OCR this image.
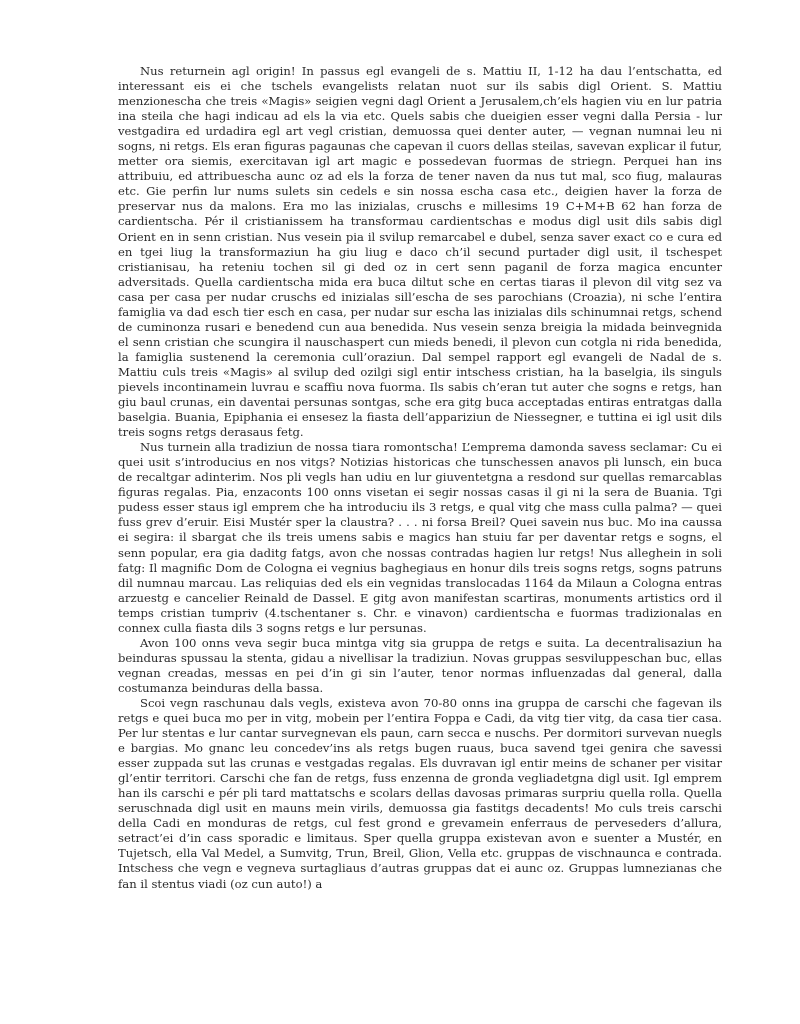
Nus returnein agl origin! In passus egl evangeli de s. Mattiu II, 1-12 ha dau l’entschatta, ed interessant eis ei che tschels evangelists relatan nuot sur ils sabis digl Orient. S. Mattiu menzionescha che treis «Magis» seigien vegni dagl Orient a Jerusalem,ch’els hagien viu en lur patria ina steila che hagi indicau ad els la via etc. Quels sabis che dueigien esser vegni dalla Persia - lur vestgadira ed urdadira egl art vegl cristian, demuossa quei denter auter, — vegnan numnai leu ni sogns, ni retgs. Els eran figuras pagaunas che capevan il cuors dellas steilas, savevan explicar il futur, metter ora siemis, exercitavan igl art magic e possedevan fuormas de striegn. Perquei han ins attribuiu, ed attribuescha aunc oz ad els la forza de tener naven da nus tut mal, sco fiug, malauras etc. Gie perfin lur nums sulets sin cedels e sin nossa escha casa etc., deigien haver la forza de preservar nus da malons. Era mo las inizialas, cruschs e millesims 19 C+M+B 62 han forza de cardientscha. Pér il cristianissem ha transformau cardientschas e modus digl usit dils sabis digl Orient en in senn cristian. Nus vesein pia il svilup remarcabel e dubel, senza saver exact co e cura ed en tgei liug la transformaziun ha giu liug e daco ch’il secund purtader digl usit, il tschespet cristianisau, ha reteniu tochen sil gi ded oz in cert senn paganil de forza magica encunter adversitads. Quella cardientscha mida era buca diltut sche en certas tiaras il plevon dil vitg sez va casa per casa per nudar cruschs ed inizialas sill’escha de ses parochians (Croazia), ni sche l’entira famiglia va dad esch tier esch en casa, per nudar sur escha las inizialas dils schinumnai retgs, schend de cuminonza rusari e benedend cun aua benedida. Nus vesein senza breigia la midada beinvegnida el senn cristian che scungira il nauschaspert cun mieds benedi, il plevon cun cotgla ni rida benedida, la famiglia sustenend la ceremonia cull’oraziun. Dal sempel rapport egl evangeli de Nadal de s. Mattiu culs treis «Magis» al svilup ded ozilgi sigl entir intschess cristian, ha la baselgia, ils singuls pievels incontinamein luvrau e scaffiu nova fuorma. Ils sabis ch’eran tut auter che sogns e retgs, han giu baul crunas, ein daventai persunas sontgas, sche era gitg buca acceptadas entiras entratgas dalla baselgia. Buania, Epiphania ei ensesez la fiasta dell’appariziun de Niessegner, e tuttina ei igl usit dils treis sogns retgs derasaus fetg.

Nus turnein alla tradiziun de nossa tiara romontscha! L’emprema damonda savess seclamar: Cu ei quei usit s’introducius en nos vitgs? Notizias historicas che tunschessen anavos pli lunsch, ein buca de recaltgar adinterim. Nos pli vegls han udiu en lur giuventetgna a resdond sur quellas remarcablas figuras regalas. Pia, enzaconts 100 onns visetan ei segir nossas casas il gi ni la sera de Buania. Tgi pudess esser staus igl emprem che ha introduciu ils 3 retgs, e qual vitg che mass culla palma? — quei fuss grev d’eruir. Eisi Mustér sper la claustra? . . . ni forsa Breil? Quei savein nus buc. Mo ina caussa ei segira: il sbargat che ils treis umens sabis e magics han stuiu far per daventar retgs e sogns, el senn popular, era gia daditg fatgs, avon che nossas contradas hagien lur retgs! Nus alleghein in soli fatg: Il magnific Dom de Cologna ei vegnius baghegiaus en honur dils treis sogns retgs, sogns patruns dil numnau marcau. Las reliquias ded els ein vegnidas translocadas 1164 da Milaun a Cologna entras arzuestg e cancelier Reinald de Dassel. E gitg avon manifestan scartiras, monuments artistics ord il temps cristian tumpriv (4.tschentaner s. Chr. e vinavon) cardientscha e fuormas tradizionalas en connex culla fiasta dils 3 sogns retgs e lur persunas.

Avon 100 onns veva segir buca mintga vitg sia gruppa de retgs e suita. La decentralisaziun ha beinduras spussau la stenta, gidau a nivellisar la tradiziun. Novas gruppas sesviluppeschan buc, ellas vegnan creadas, messas en pei d’in gi sin l’auter, tenor normas influenzadas dal general, dalla costumanza beinduras della bassa.

Scoi vegn raschunau dals vegls, existeva avon 70-80 onns ina gruppa de carschi che fagevan ils retgs e quei buca mo per in vitg, mobein per l’entira Foppa e Cadi, da vitg tier vitg, da casa tier casa. Per lur stentas e lur cantar survegnevan els paun, carn secca e nuschs. Per dormitori survevan nuegls e bargias. Mo gnanc leu concedev’ins als retgs bugen ruaus, buca savend tgei genira che savessi esser zuppada sut las crunas e vestgadas regalas. Els duvravan igl entir meins de schaner per visitar gl’entir territori. Carschi che fan de retgs, fuss enzenna de gronda vegliadetgna digl usit. Igl emprem han ils carschi e pér pli tard mattatschs e scolars dellas davosas primaras surpriu quella rolla. Quella seruschnada digl usit en mauns mein virils, demuossa gia fastitgs decadents! Mo culs treis carschi della Cadi en monduras de retgs, cul fest grond e grevamein enferraus de perveseders d’allura, setract’ei d’in cass sporadic e limitaus. Sper quella gruppa existevan avon e suenter a Mustér, en Tujetsch, ella Val Medel, a Sumvitg, Trun, Breil, Glion, Vella etc. gruppas de vischnaunca e contrada. Intschess che vegn e vegneva surtagliaus d’autras gruppas dat ei aunc oz. Gruppas lumnezianas che fan il stentus viadi (oz cun auto!) a
